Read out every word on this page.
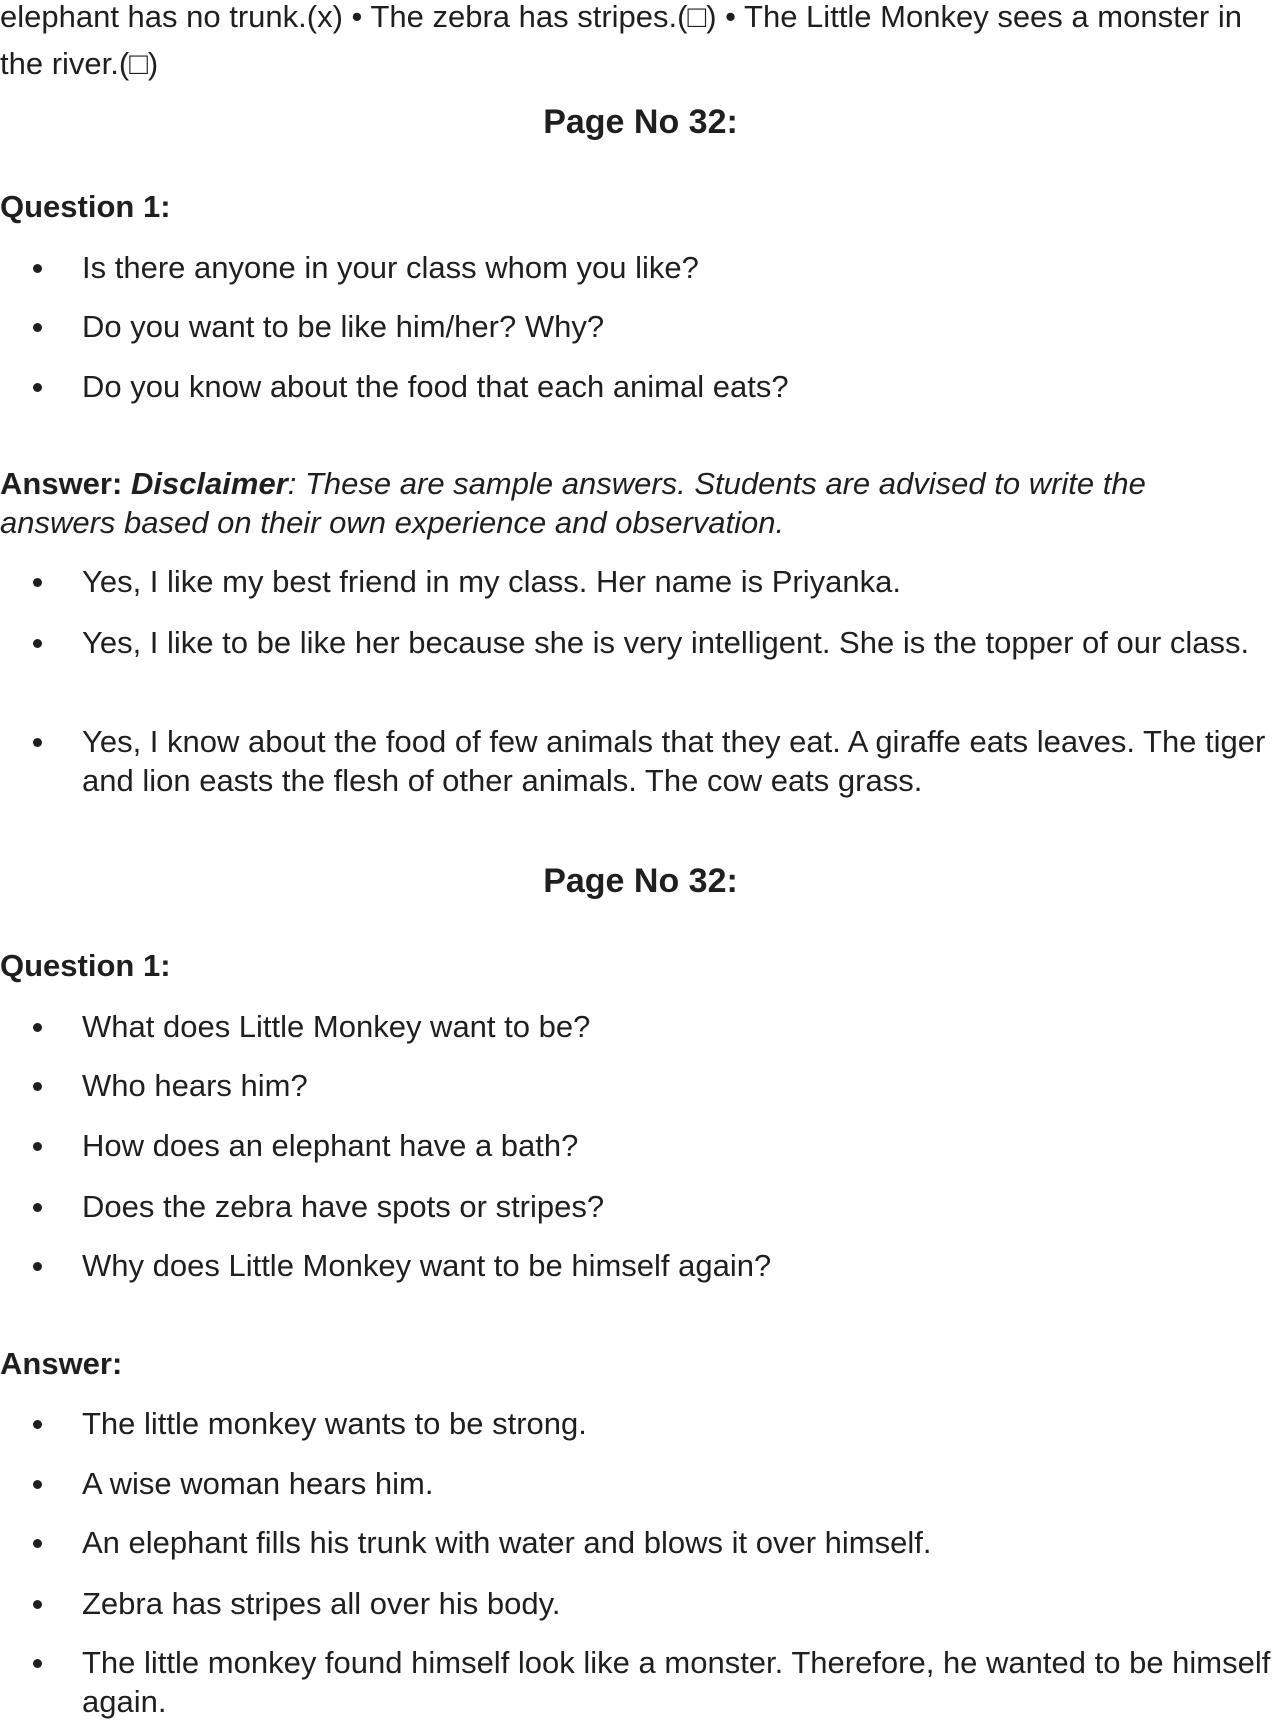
elephant has no trunk.(x) • The zebra has stripes.(□) • The Little Monkey sees a monster in the river.(□)
Page No 32:
Question 1:
Is there anyone in your class whom you like?
Do you want to be like him/her? Why?
Do you know about the food that each animal eats?
Answer: Disclaimer: These are sample answers. Students are advised to write the answers based on their own experience and observation.
Yes, I like my best friend in my class. Her name is Priyanka.
Yes, I like to be like her because she is very intelligent. She is the topper of our class.
Yes, I know about the food of few animals that they eat. A giraffe eats leaves. The tiger and lion easts the flesh of other animals. The cow eats grass.
Page No 32:
Question 1:
What does Little Monkey want to be?
Who hears him?
How does an elephant have a bath?
Does the zebra have spots or stripes?
Why does Little Monkey want to be himself again?
Answer:
The little monkey wants to be strong.
A wise woman hears him.
An elephant fills his trunk with water and blows it over himself.
Zebra has stripes all over his body.
The little monkey found himself look like a monster. Therefore, he wanted to be himself again.
